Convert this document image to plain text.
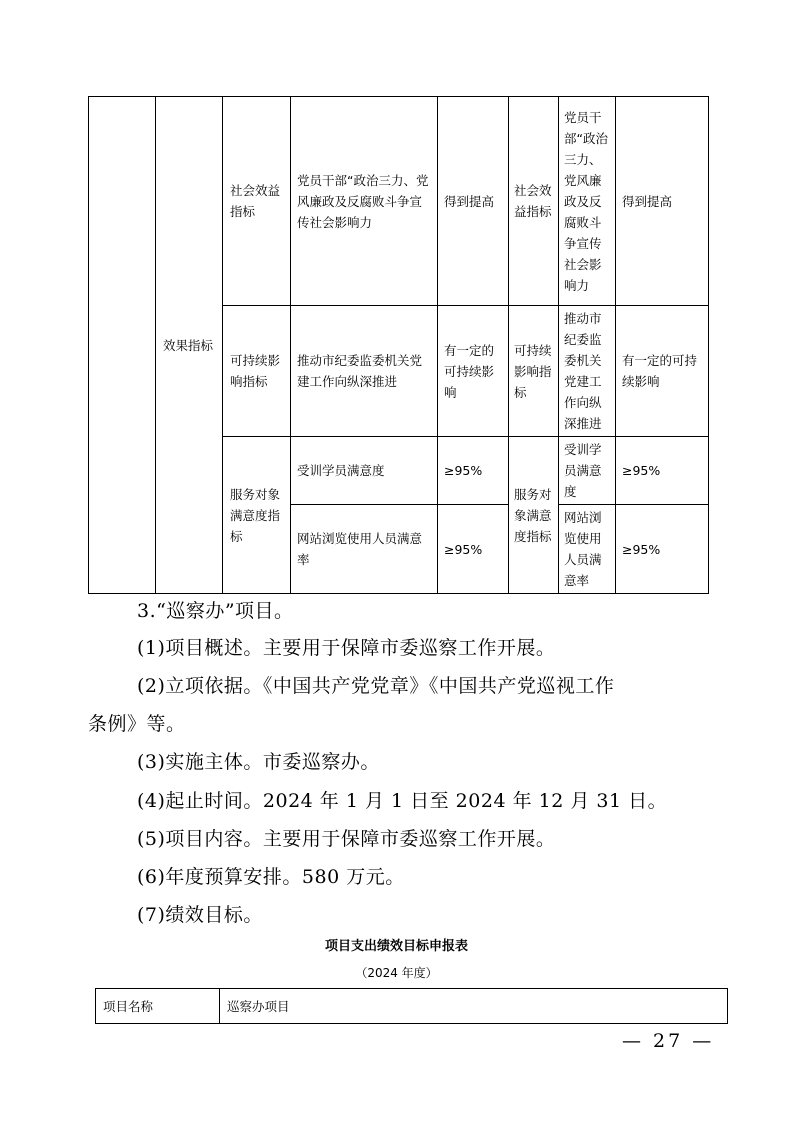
	效果指标	社会效益指标	党员干部“政治三力、党风廉政及反腐败斗争宣传社会影响力	得到提高	社会效益指标	党员干部“政治三力、党风廉政及反腐败斗争宣传社会影响力	得到提高
		可持续影响指标	推动市纪委监委机关党建工作向纵深推进	有一定的可持续影响	可持续影响指标	推动市纪委监委机关党建工作向纵深推进	有一定的可持续影响
		服务对象满意度指标	受训学员满意度	≥95%	服务对象满意度指标	受训学员满意度	≥95%
			网站浏览使用人员满意率	≥95%		网站浏览使用人员满意率	≥95%
3.“巡察办”项目。
(1)项目概述。主要用于保障市委巡察工作开展。
(2)立项依据。《中国共产党党章》《中国共产党巡视工作
条例》等。
(3)实施主体。市委巡察办。
(4)起止时间。2024 年 1 月 1 日至 2024 年 12 月 31 日。
(5)项目内容。主要用于保障市委巡察工作开展。
(6)年度预算安排。580 万元。
(7)绩效目标。
项目支出绩效目标申报表
（2024 年度）
项目名称	巡察办项目
— 27 —
